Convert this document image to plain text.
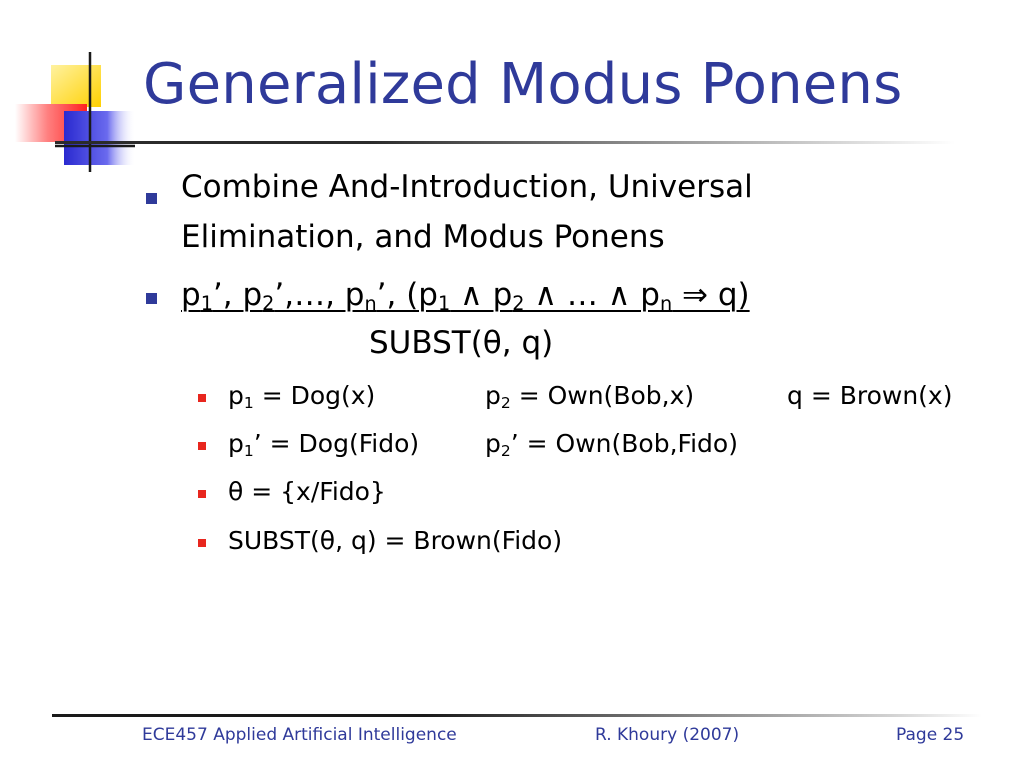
Generalized Modus Ponens
Combine And-Introduction, Universal
Elimination, and Modus Ponens
$p_1$’, $p_2’,\dots$, $p_n$’, ($p_1$ ∧ $p_2$ ∧ … ∧ $p_n$ ⇒ q)
SUBST(θ, q)
$p_1 = Dog(x)$	$p_2 = Own(Bob,x)$	q = Brown(x)
$p_1$’ = Dog(Fido)	$p_2$’ = Own(Bob,Fido)
θ = {x/Fido}
SUBST(θ, q) = Brown(Fido)
ECE457 Applied Artificial Intelligence	R. Khoury (2007)	Page 25
